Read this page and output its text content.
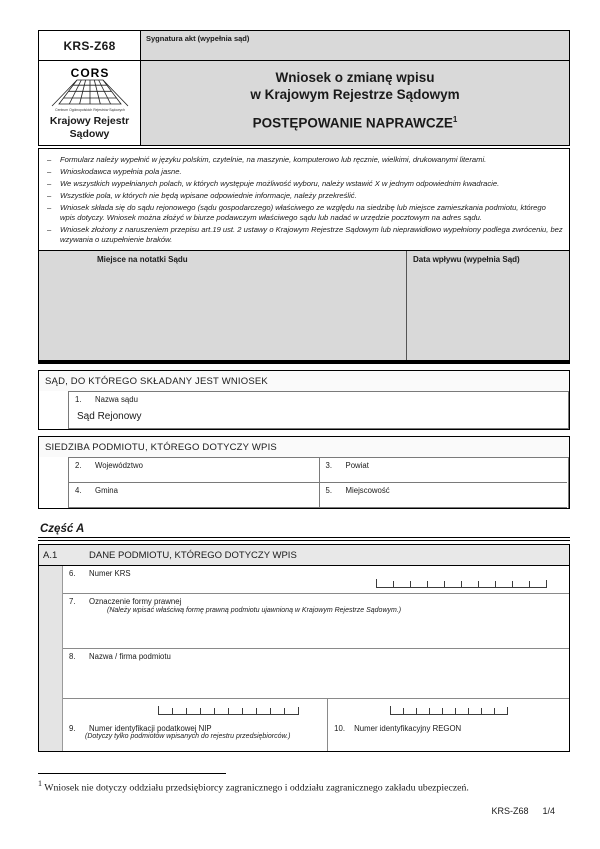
KRS-Z68	Sygnatura akt (wypełnia sąd)
CORS
Centrum Ogólnopolskich Rejestrów Sądowych
Krajowy Rejestr
Sądowy
Wniosek o zmianę wpisu
w Krajowym Rejestrze Sądowym
POSTĘPOWANIE NAPRAWCZE$^1$
–	Formularz należy wypełnić w języku polskim, czytelnie, na maszynie, komputerowo lub ręcznie, wielkimi, drukowanymi literami.
–	Wnioskodawca wypełnia pola jasne.
–	We wszystkich wypełnianych polach, w których występuje możliwość wyboru, należy wstawić X w jednym odpowiednim kwadracie.
–	Wszystkie pola, w których nie będą wpisane odpowiednie informacje, należy przekreślić.
–	Wniosek składa się do sądu rejonowego (sądu gospodarczego) właściwego ze względu na siedzibę lub miejsce zamieszkania podmiotu, którego wpis dotyczy. Wniosek można złożyć w biurze podawczym właściwego sądu lub nadać w urzędzie pocztowym na adres sądu.
–	Wniosek złożony z naruszeniem przepisu art.19 ust. 2 ustawy o Krajowym Rejestrze Sądowym lub nieprawidłowo wypełniony podlega zwróceniu, bez wzywania o uzupełnienie braków.
Miejsce na notatki Sądu	Data wpływu (wypełnia Sąd)
SĄD, DO KTÓREGO SKŁADANY JEST WNIOSEK
1. Nazwa sądu
Sąd Rejonowy
SIEDZIBA PODMIOTU, KTÓREGO DOTYCZY WPIS
2. Województwo	3. Powiat
4. Gmina	5. Miejscowość
Część A
A.1	DANE PODMIOTU, KTÓREGO DOTYCZY WPIS
6. Numer KRS
7. Oznaczenie formy prawnej
(Należy wpisać właściwą formę prawną podmiotu ujawnioną w Krajowym Rejestrze Sądowym.)
8. Nazwa / firma podmiotu
9. Numer identyfikacji podatkowej NIP
(Dotyczy tylko podmiotów wpisanych do rejestru przedsiębiorców.)
10. Numer identyfikacyjny REGON
$^1$ Wniosek nie dotyczy oddziału przedsiębiorcy zagranicznego i oddziału zagranicznego zakładu ubezpieczeń.
KRS-Z68 1/4
